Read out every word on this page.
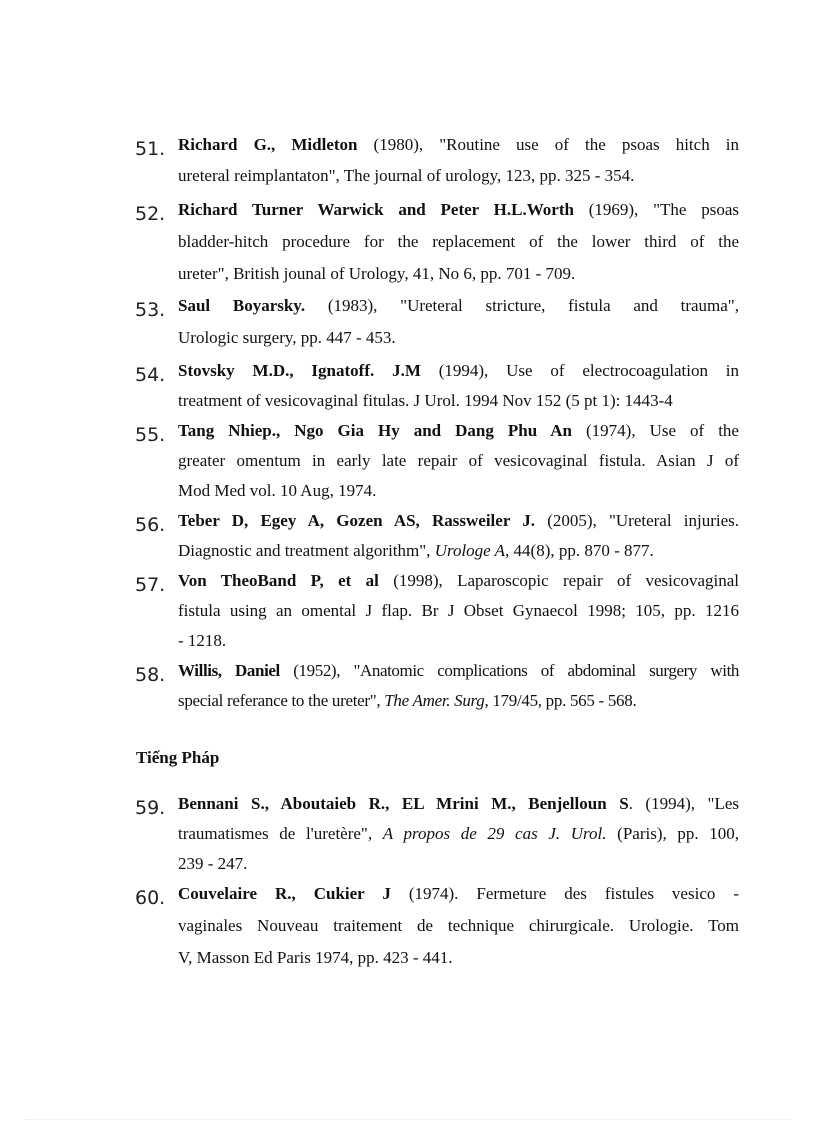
51. Richard G., Midleton (1980), "Routine use of the psoas hitch in
ureteral reimplantaton", The journal of urology, 123, pp. 325 - 354.
52. Richard Turner Warwick and Peter H.L.Worth (1969), "The psoas
bladder-hitch procedure for the replacement of the lower third of the
ureter", British jounal of Urology, 41, No 6, pp. 701 - 709.
53. Saul Boyarsky. (1983), "Ureteral stricture, fistula and trauma",
Urologic surgery, pp. 447 - 453.
54. Stovsky M.D., Ignatoff. J.M (1994), Use of electrocoagulation in
treatment of vesicovaginal fitulas. J Urol. 1994 Nov 152 (5 pt 1): 1443-4
55. Tang Nhiep., Ngo Gia Hy and Dang Phu An (1974), Use of the
greater omentum in early late repair of vesicovaginal fistula. Asian J of
Mod Med vol. 10 Aug, 1974.
56. Teber D, Egey A, Gozen AS, Rassweiler J. (2005), "Ureteral injuries.
Diagnostic and treatment algorithm", Urologe A, 44(8), pp. 870 - 877.
57. Von TheoBand P, et al (1998), Laparoscopic repair of vesicovaginal
fistula using an omental J flap. Br J Obset Gynaecol 1998; 105, pp. 1216
- 1218.
58. Willis, Daniel (1952), "Anatomic complications of abdominal surgery with
special referance to the ureter", The Amer. Surg, 179/45, pp. 565 - 568.
Tiếng Pháp
59. Bennani S., Aboutaieb R., EL Mrini M., Benjelloun S. (1994), "Les
traumatismes de l'uretère", A propos de 29 cas J. Urol. (Paris), pp. 100,
239 - 247.
60. Couvelaire R., Cukier J (1974). Fermeture des fistules vesico -
vaginales Nouveau traitement de technique chirurgicale. Urologie. Tom
V, Masson Ed Paris 1974, pp. 423 - 441.
